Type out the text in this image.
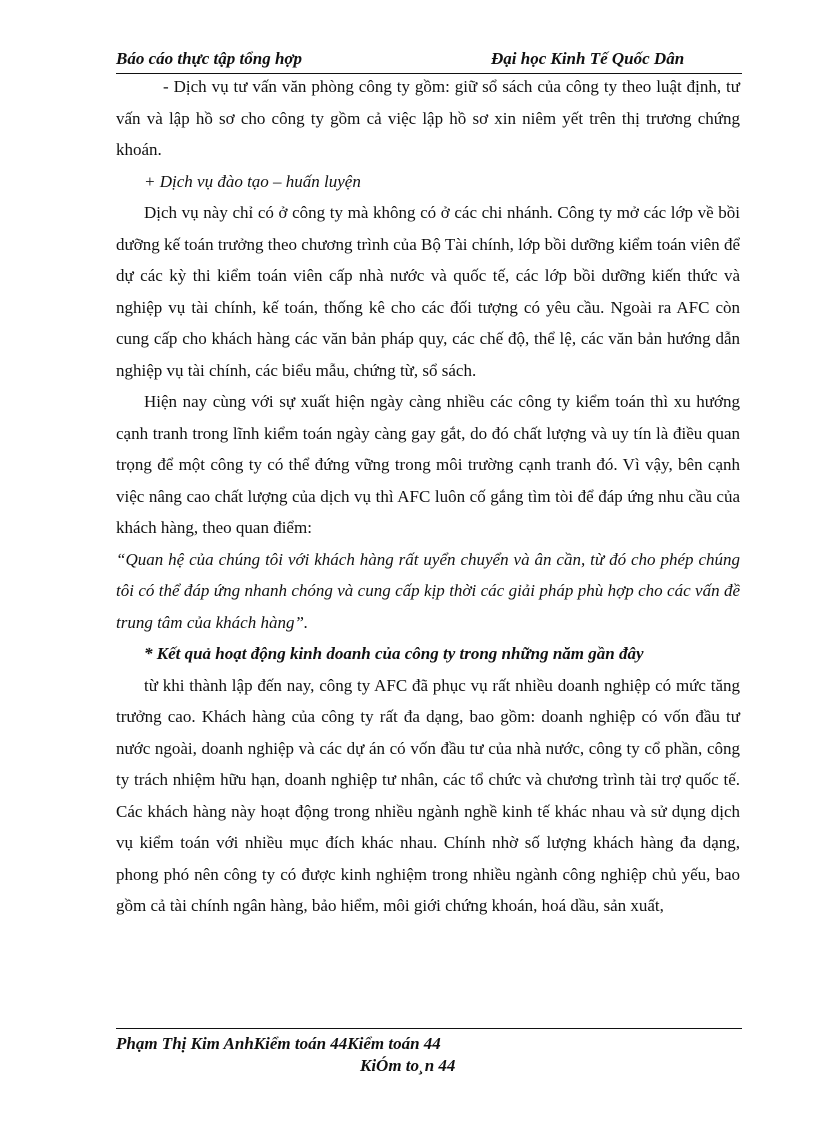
Báo cáo thực tập tổng hợp	Đại học Kinh Tế Quốc Dân

- Dịch vụ tư vấn văn phòng công ty gồm: giữ sổ sách của công ty theo luật định, tư vấn và lập hồ sơ cho công ty gồm cả việc lập hồ sơ xin niêm yết trên thị trương chứng khoán.

+ Dịch vụ đào tạo – huấn luyện

Dịch vụ này chỉ có ở công ty mà không có ở các chi nhánh. Công ty mở các lớp về bồi dưỡng kế toán trưởng theo chương trình của Bộ Tài chính, lớp bồi dưỡng kiểm toán viên để dự các kỳ thi kiểm toán viên cấp nhà nước và quốc tế, các lớp bồi dưỡng kiến thức và nghiệp vụ tài chính, kế toán, thống kê cho các đối tượng có yêu cầu. Ngoài ra AFC còn cung cấp cho khách hàng các văn bản pháp quy, các chế độ, thể lệ, các văn bản hướng dẫn nghiệp vụ tài chính, các biểu mẫu, chứng từ, sổ sách.

Hiện nay cùng với sự xuất hiện ngày càng nhiều các công ty kiểm toán thì xu hướng cạnh tranh trong lĩnh kiểm toán ngày càng gay gắt, do đó chất lượng và uy tín là điều quan trọng để một công ty có thể đứng vững trong môi trường cạnh tranh đó. Vì vậy, bên cạnh việc nâng cao chất lượng của dịch vụ thì AFC luôn cố gắng tìm tòi để đáp ứng nhu cầu của khách hàng, theo quan điểm:

“Quan hệ của chúng tôi với khách hàng rất uyển chuyển và ân cần, từ đó cho phép chúng tôi có thể đáp ứng nhanh chóng và cung cấp kịp thời các giải pháp phù hợp cho các vấn đề trung tâm của khách hàng”.

* Kết quả hoạt động kinh doanh của công ty trong những năm gần đây

từ khi thành lập đến nay, công ty AFC đã phục vụ rất nhiều doanh nghiệp có mức tăng trưởng cao. Khách hàng của công ty rất đa dạng, bao gồm: doanh nghiệp có vốn đầu tư nước ngoài, doanh nghiệp và các dự án có vốn đầu tư của nhà nước, công ty cổ phần, công ty trách nhiệm hữu hạn, doanh nghiệp tư nhân, các tổ chức và chương trình tài trợ quốc tế. Các khách hàng này hoạt động trong nhiều ngành nghề kinh tế khác nhau và sử dụng dịch vụ kiểm toán với nhiều mục đích khác nhau. Chính nhờ số lượng khách hàng đa dạng, phong phó nên công ty có được kinh nghiệm trong nhiều ngành công nghiệp chủ yếu, bao gồm cả tài chính ngân hàng, bảo hiểm, môi giới chứng khoán, hoá dầu, sản xuất,

Phạm Thị Kim AnhKiểm toán 44Kiểm toán 44
KiÓm to¸n 44
